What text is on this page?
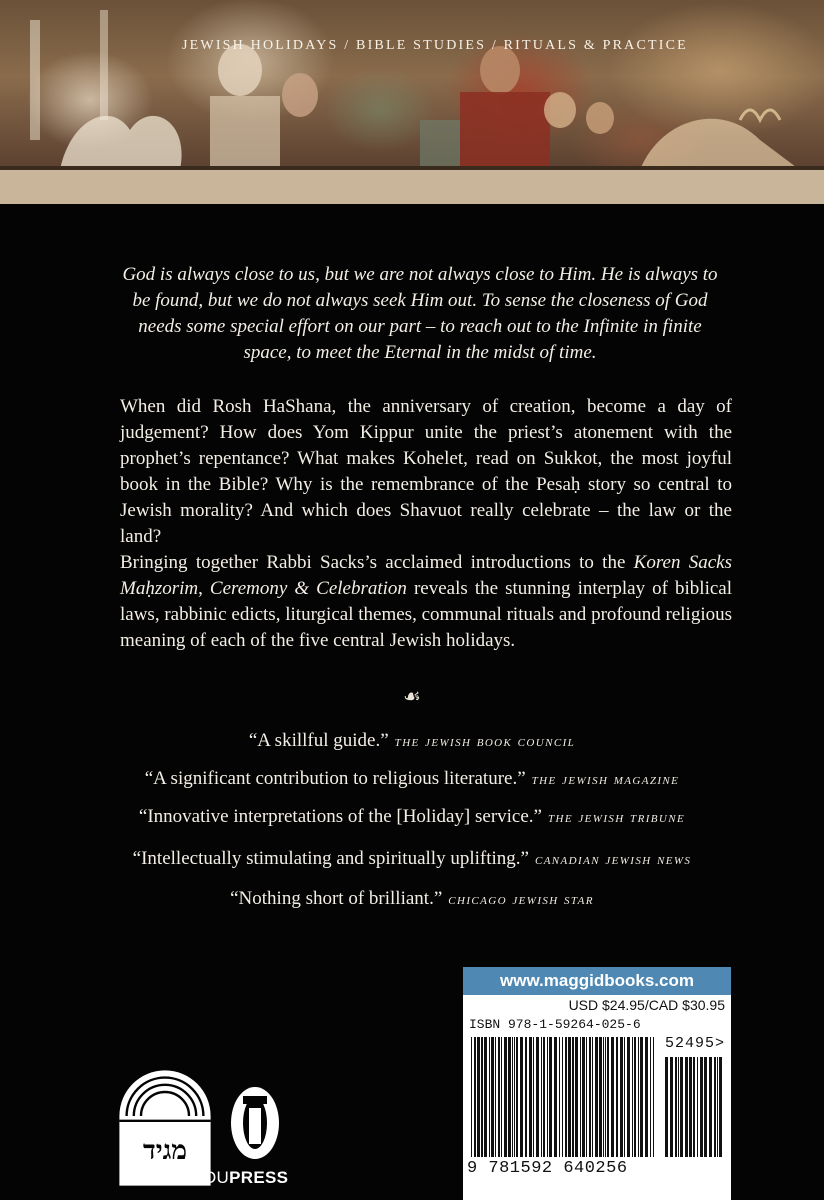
JEWISH HOLIDAYS / BIBLE STUDIES / RITUALS & PRACTICE
God is always close to us, but we are not always close to Him. He is always to be found, but we do not always seek Him out. To sense the closeness of God needs some special effort on our part – to reach out to the Infinite in finite space, to meet the Eternal in the midst of time.
When did Rosh HaShana, the anniversary of creation, become a day of judgement? How does Yom Kippur unite the priest’s atonement with the prophet’s repentance? What makes Kohelet, read on Sukkot, the most joyful book in the Bible? Why is the remembrance of the Pesaḥ story so central to Jewish morality? And which does Shavuot really celebrate – the law or the land?
Bringing together Rabbi Sacks’s acclaimed introductions to the Koren Sacks Maḥzorim, Ceremony & Celebration reveals the stunning interplay of biblical laws, rabbinic edicts, liturgical themes, communal rituals and profound religious meaning of each of the five central Jewish holidays.
☙
“A skillful guide.” the jewish book council
“A significant contribution to religious literature.” the jewish magazine
“Innovative interpretations of the [Holiday] service.” the jewish tribune
“Intellectually stimulating and spiritually uplifting.” canadian jewish news
“Nothing short of brilliant.” chicago jewish star
www.maggidbooks.com
USD $24.95/CAD $30.95
ISBN 978-1-59264-025-6
52495>
9 781592 640256
מגיד
MAGGID	OUPRESS
